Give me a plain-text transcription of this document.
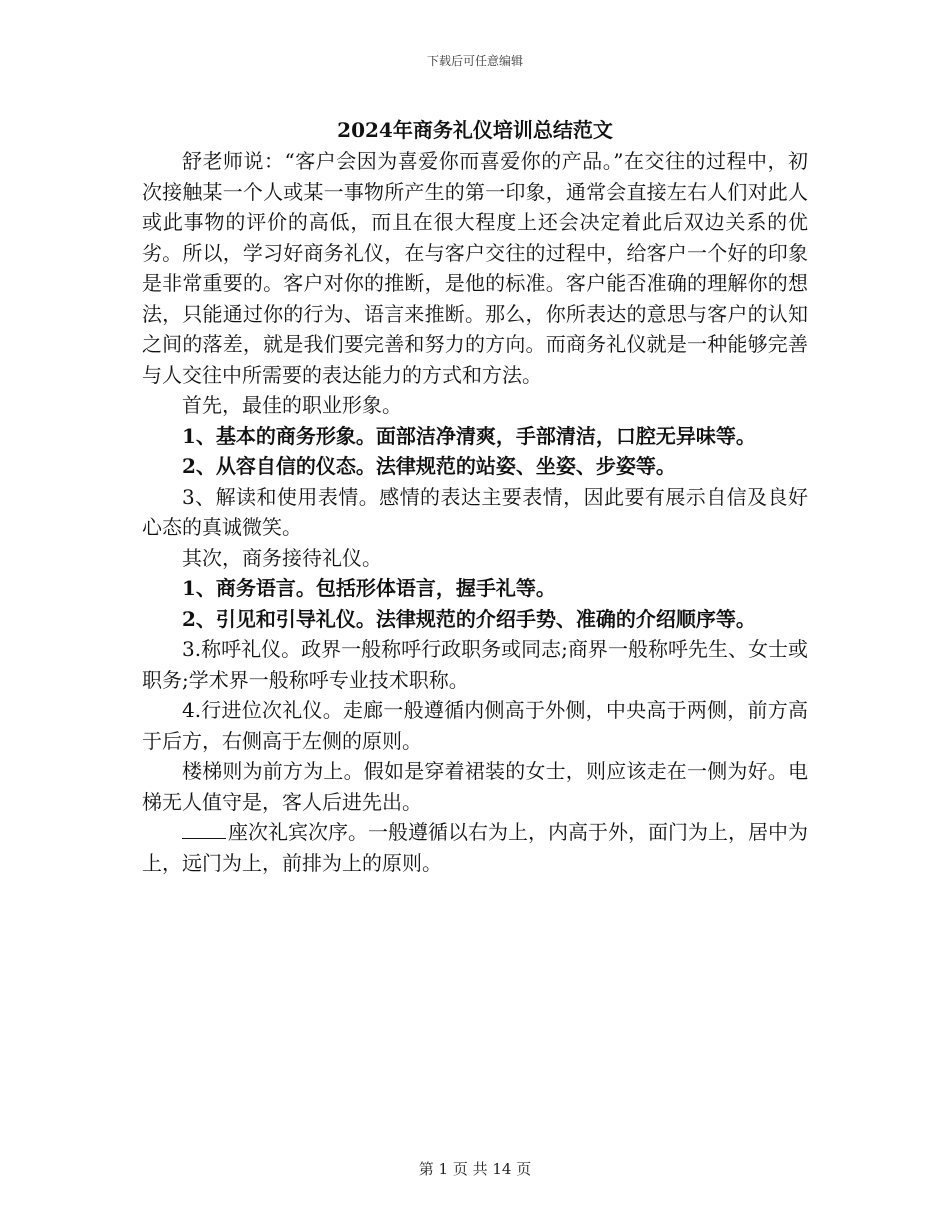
下载后可任意编辑
2024年商务礼仪培训总结范文

舒老师说：“客户会因为喜爱你而喜爱你的产品。”在交往的过程中，初次接触某一个人或某一事物所产生的第一印象，通常会直接左右人们对此人或此事物的评价的高低，而且在很大程度上还会决定着此后双边关系的优劣。所以，学习好商务礼仪，在与客户交往的过程中，给客户一个好的印象是非常重要的。客户对你的推断，是他的标准。客户能否准确的理解你的想法，只能通过你的行为、语言来推断。那么，你所表达的意思与客户的认知之间的落差，就是我们要完善和努力的方向。而商务礼仪就是一种能够完善与人交往中所需要的表达能力的方式和方法。

首先，最佳的职业形象。

1、基本的商务形象。面部洁净清爽，手部清洁，口腔无异味等。

2、从容自信的仪态。法律规范的站姿、坐姿、步姿等。

3、解读和使用表情。感情的表达主要表情，因此要有展示自信及良好心态的真诚微笑。

其次，商务接待礼仪。

1、商务语言。包括形体语言，握手礼等。

2、引见和引导礼仪。法律规范的介绍手势、准确的介绍顺序等。

3.称呼礼仪。政界一般称呼行政职务或同志;商界一般称呼先生、女士或职务;学术界一般称呼专业技术职称。

4.行进位次礼仪。走廊一般遵循内侧高于外侧，中央高于两侧，前方高于后方，右侧高于左侧的原则。

楼梯则为前方为上。假如是穿着裙装的女士，则应该走在一侧为好。电梯无人值守是，客人后进先出。

座次礼宾次序。一般遵循以右为上，内高于外，面门为上，居中为上，远门为上，前排为上的原则。

第 1 页 共 14 页
